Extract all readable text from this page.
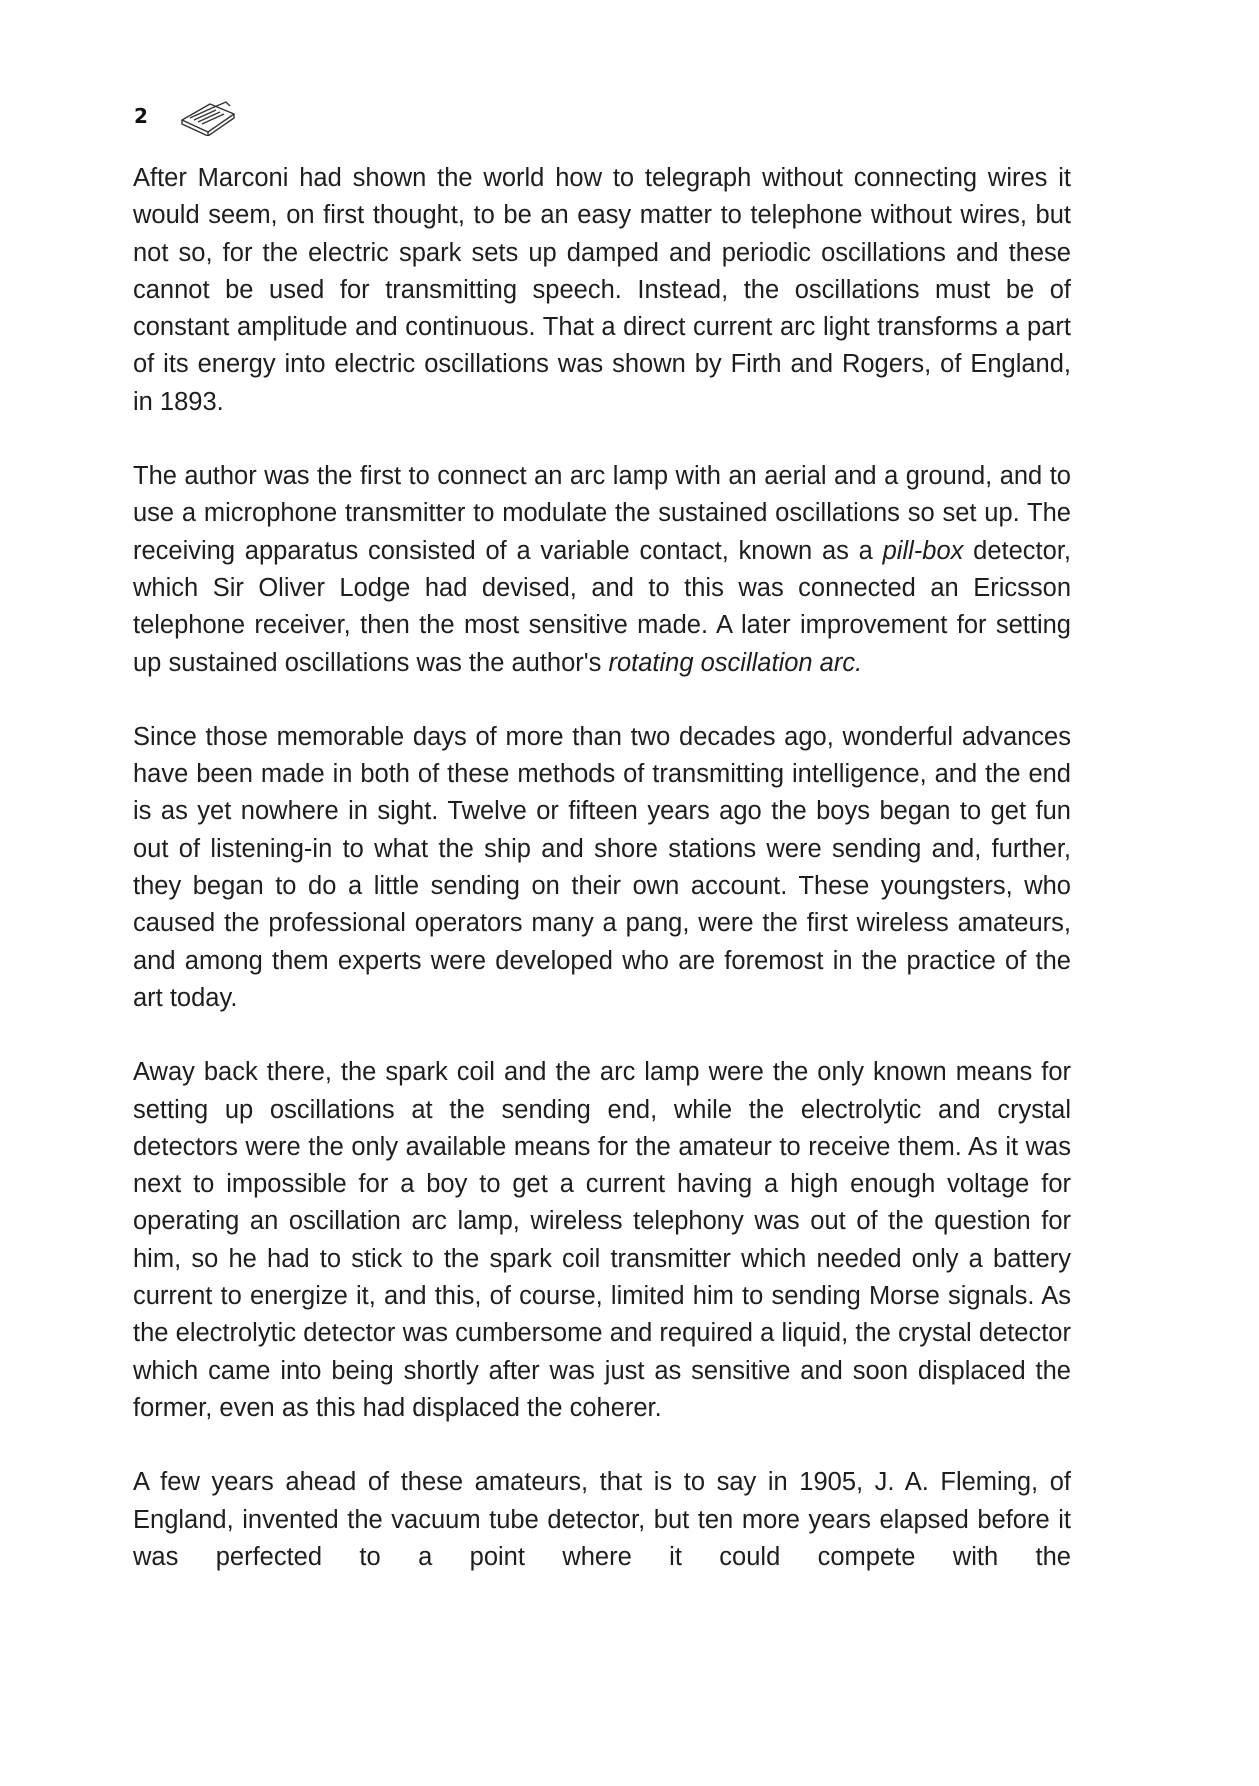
2

After Marconi had shown the world how to telegraph without connecting wires it would seem, on first thought, to be an easy matter to telephone without wires, but not so, for the electric spark sets up damped and periodic oscillations and these cannot be used for transmitting speech. Instead, the oscillations must be of constant amplitude and continuous. That a direct current arc light transforms a part of its energy into electric oscillations was shown by Firth and Rogers, of England, in 1893.

The author was the first to connect an arc lamp with an aerial and a ground, and to use a microphone transmitter to modulate the sustained oscillations so set up. The receiving apparatus consisted of a variable contact, known as a pill-box detector, which Sir Oliver Lodge had devised, and to this was connected an Ericsson telephone receiver, then the most sensitive made. A later improvement for setting up sustained oscillations was the author's rotating oscillation arc.

Since those memorable days of more than two decades ago, wonderful advances have been made in both of these methods of transmitting intelligence, and the end is as yet nowhere in sight. Twelve or fifteen years ago the boys began to get fun out of listening-in to what the ship and shore stations were sending and, further, they began to do a little sending on their own account. These youngsters, who caused the professional operators many a pang, were the first wireless amateurs, and among them experts were developed who are foremost in the practice of the art today.

Away back there, the spark coil and the arc lamp were the only known means for setting up oscillations at the sending end, while the electrolytic and crystal detectors were the only available means for the amateur to receive them. As it was next to impossible for a boy to get a current having a high enough voltage for operating an oscillation arc lamp, wireless telephony was out of the question for him, so he had to stick to the spark coil transmitter which needed only a battery current to energize it, and this, of course, limited him to sending Morse signals. As the electrolytic detector was cumbersome and required a liquid, the crystal detector which came into being shortly after was just as sensitive and soon displaced the former, even as this had displaced the coherer.

A few years ahead of these amateurs, that is to say in 1905, J. A. Fleming, of England, invented the vacuum tube detector, but ten more years elapsed before it was perfected to a point where it could compete with the
